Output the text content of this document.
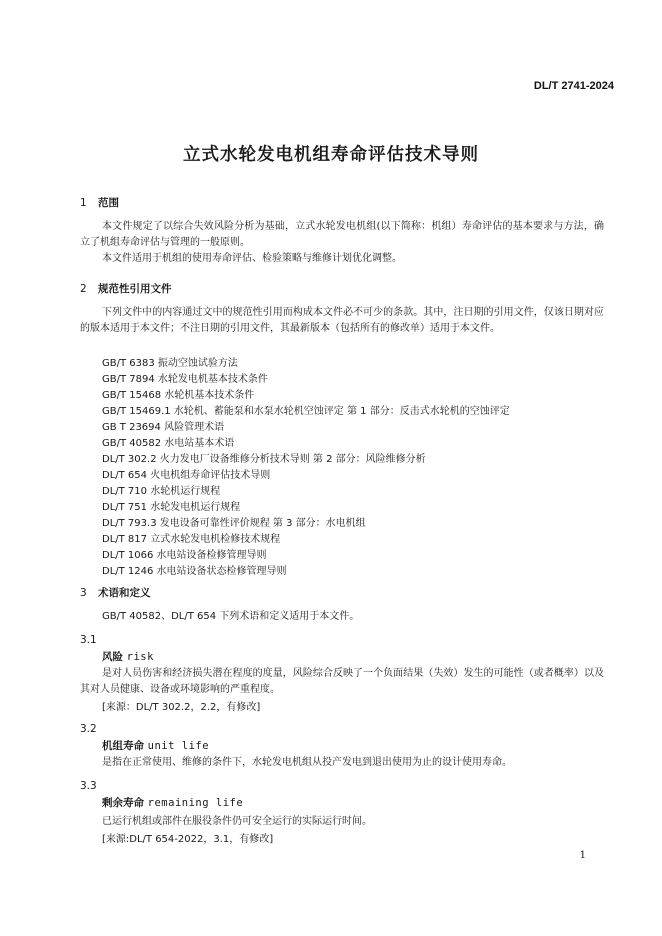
DL/T 2741-2024
立式水轮发电机组寿命评估技术导则
1 范围
本文件规定了以综合失效风险分析为基础，立式水轮发电机组(以下简称：机组）寿命评估的基本要求与方法，确立了机组寿命评估与管理的一般原则。
本文件适用于机组的使用寿命评估、检验策略与维修计划优化调整。
2 规范性引用文件
下列文件中的内容通过文中的规范性引用而构成本文件必不可少的条款。其中，注日期的引用文件，仅该日期对应的版本适用于本文件；不注日期的引用文件，其最新版本（包括所有的修改单）适用于本文件。
GB/T 6383 振动空蚀试验方法
GB/T 7894 水轮发电机基本技术条件
GB/T 15468 水轮机基本技术条件
GB/T 15469.1 水轮机、蓄能泵和水泵水轮机空蚀评定 第 1 部分：反击式水轮机的空蚀评定
GB T 23694 风险管理术语
GB/T 40582 水电站基本术语
DL/T 302.2 火力发电厂设备维修分析技术导则 第 2 部分：风险维修分析
DL/T 654 火电机组寿命评估技术导则
DL/T 710 水轮机运行规程
DL/T 751 水轮发电机运行规程
DL/T 793.3 发电设备可靠性评价规程 第 3 部分：水电机组
DL/T 817 立式水轮发电机检修技术规程
DL/T 1066 水电站设备检修管理导则
DL/T 1246 水电站设备状态检修管理导则
3 术语和定义
GB/T 40582、DL/T 654 下列术语和定义适用于本文件。
3.1
风险 risk
是对人员伤害和经济损失潜在程度的度量，风险综合反映了一个负面结果（失效）发生的可能性（或者概率）以及其对人员健康、设备或环境影响的严重程度。
[来源：DL/T 302.2，2.2，有修改]
3.2
机组寿命 unit life
是指在正常使用、维修的条件下，水轮发电机组从投产发电到退出使用为止的设计使用寿命。
3.3
剩余寿命 remaining life
已运行机组或部件在服役条件仍可安全运行的实际运行时间。
[来源:DL/T 654-2022，3.1，有修改]
1
